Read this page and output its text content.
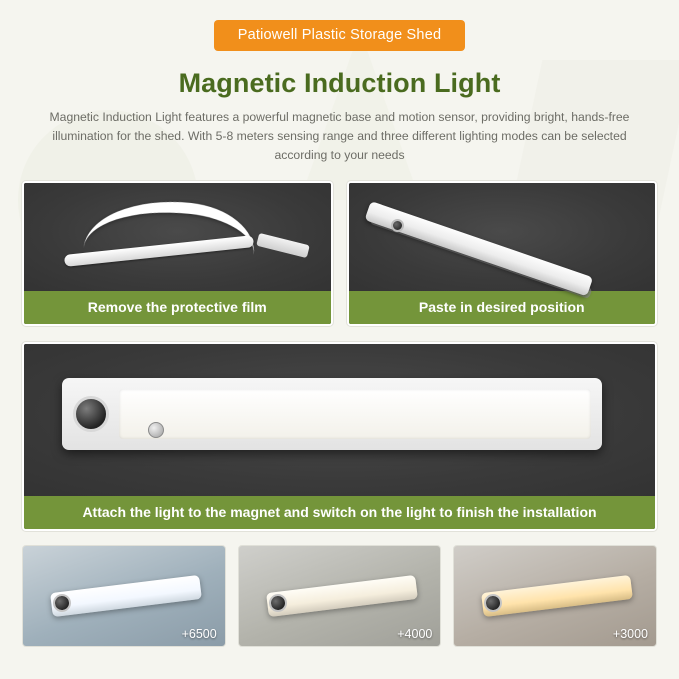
Patiowell Plastic Storage Shed
Magnetic Induction Light
Magnetic Induction Light features a powerful magnetic base and motion sensor, providing bright, hands-free illumination for the shed. With 5-8 meters sensing range and three different lighting modes can be selected according to your needs
Remove the protective film	Paste in desired position
Attach the light to the magnet and switch on the light to finish the installation
+6500	+4000	+3000
